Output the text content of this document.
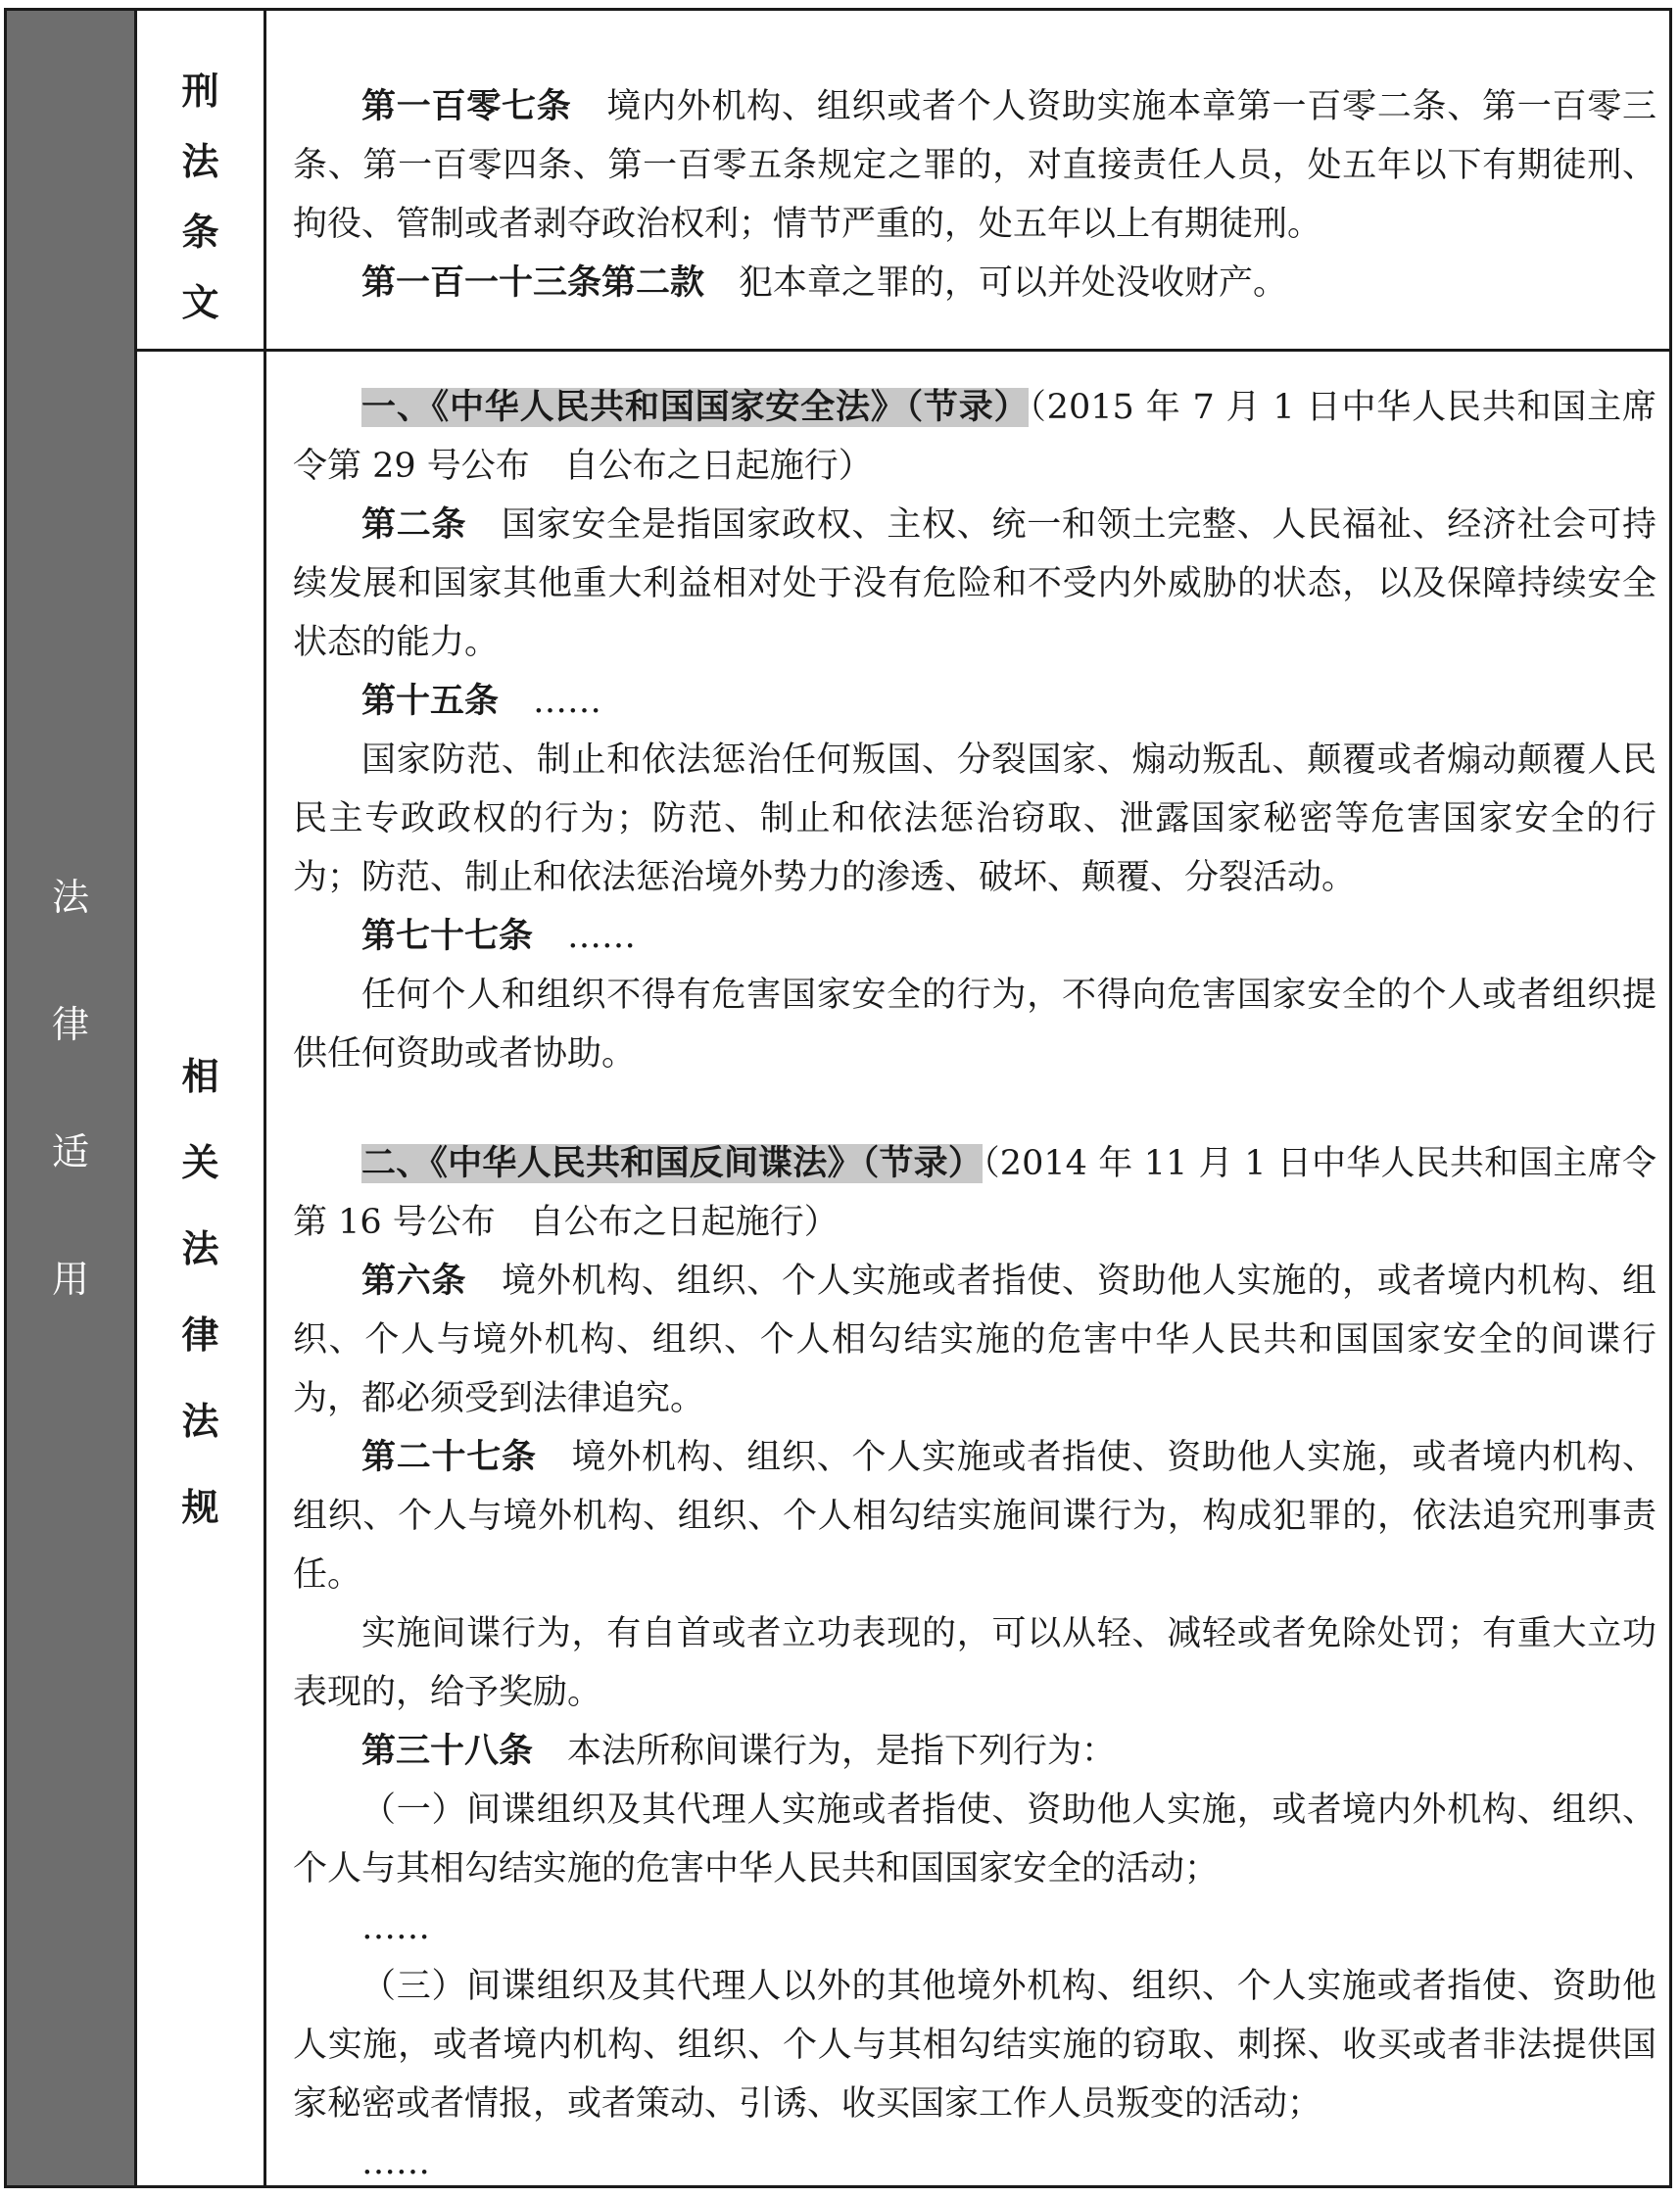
法
律
适
用
刑
法
条
文

第一百零七条　 境内外机构、组织或者个人资助实施本章第一百零二条、第一百零三条、第一百零四条、第一百零五条规定之罪的，对直接责任人员，处五年以下有期徒刑、拘役、管制或者剥夺政治权利；情节严重的，处五年以上有期徒刑。

第一百一十三条第二款　 犯本章之罪的，可以并处没收财产。

相
关
法
律
法
规

一、《中华人民共和国国家安全法》（节录）（2015 年 7 月 1 日中华人民共和国主席令第 29 号公布　自公布之日起施行）

第二条　 国家安全是指国家政权、主权、统一和领土完整、人民福祉、经济社会可持续发展和国家其他重大利益相对处于没有危险和不受内外威胁的状态，以及保障持续安全状态的能力。

第十五条　 ……

国家防范、制止和依法惩治任何叛国、分裂国家、煽动叛乱、颠覆或者煽动颠覆人民民主专政政权的行为；防范、制止和依法惩治窃取、泄露国家秘密等危害国家安全的行为；防范、制止和依法惩治境外势力的渗透、破坏、颠覆、分裂活动。

第七十七条　 ……

任何个人和组织不得有危害国家安全的行为，不得向危害国家安全的个人或者组织提供任何资助或者协助。

二、《中华人民共和国反间谍法》（节录）（2014 年 11 月 1 日中华人民共和国主席令第 16 号公布　自公布之日起施行）

第六条　 境外机构、组织、个人实施或者指使、资助他人实施的，或者境内机构、组织、个人与境外机构、组织、个人相勾结实施的危害中华人民共和国国家安全的间谍行为，都必须受到法律追究。

第二十七条　 境外机构、组织、个人实施或者指使、资助他人实施，或者境内机构、组织、个人与境外机构、组织、个人相勾结实施间谍行为，构成犯罪的，依法追究刑事责任。

实施间谍行为，有自首或者立功表现的，可以从轻、减轻或者免除处罚；有重大立功表现的，给予奖励。

第三十八条　 本法所称间谍行为，是指下列行为：

（一）间谍组织及其代理人实施或者指使、资助他人实施，或者境内外机构、组织、个人与其相勾结实施的危害中华人民共和国国家安全的活动；

……

（三）间谍组织及其代理人以外的其他境外机构、组织、个人实施或者指使、资助他人实施，或者境内机构、组织、个人与其相勾结实施的窃取、刺探、收买或者非法提供国家秘密或者情报，或者策动、引诱、收买国家工作人员叛变的活动；

……
